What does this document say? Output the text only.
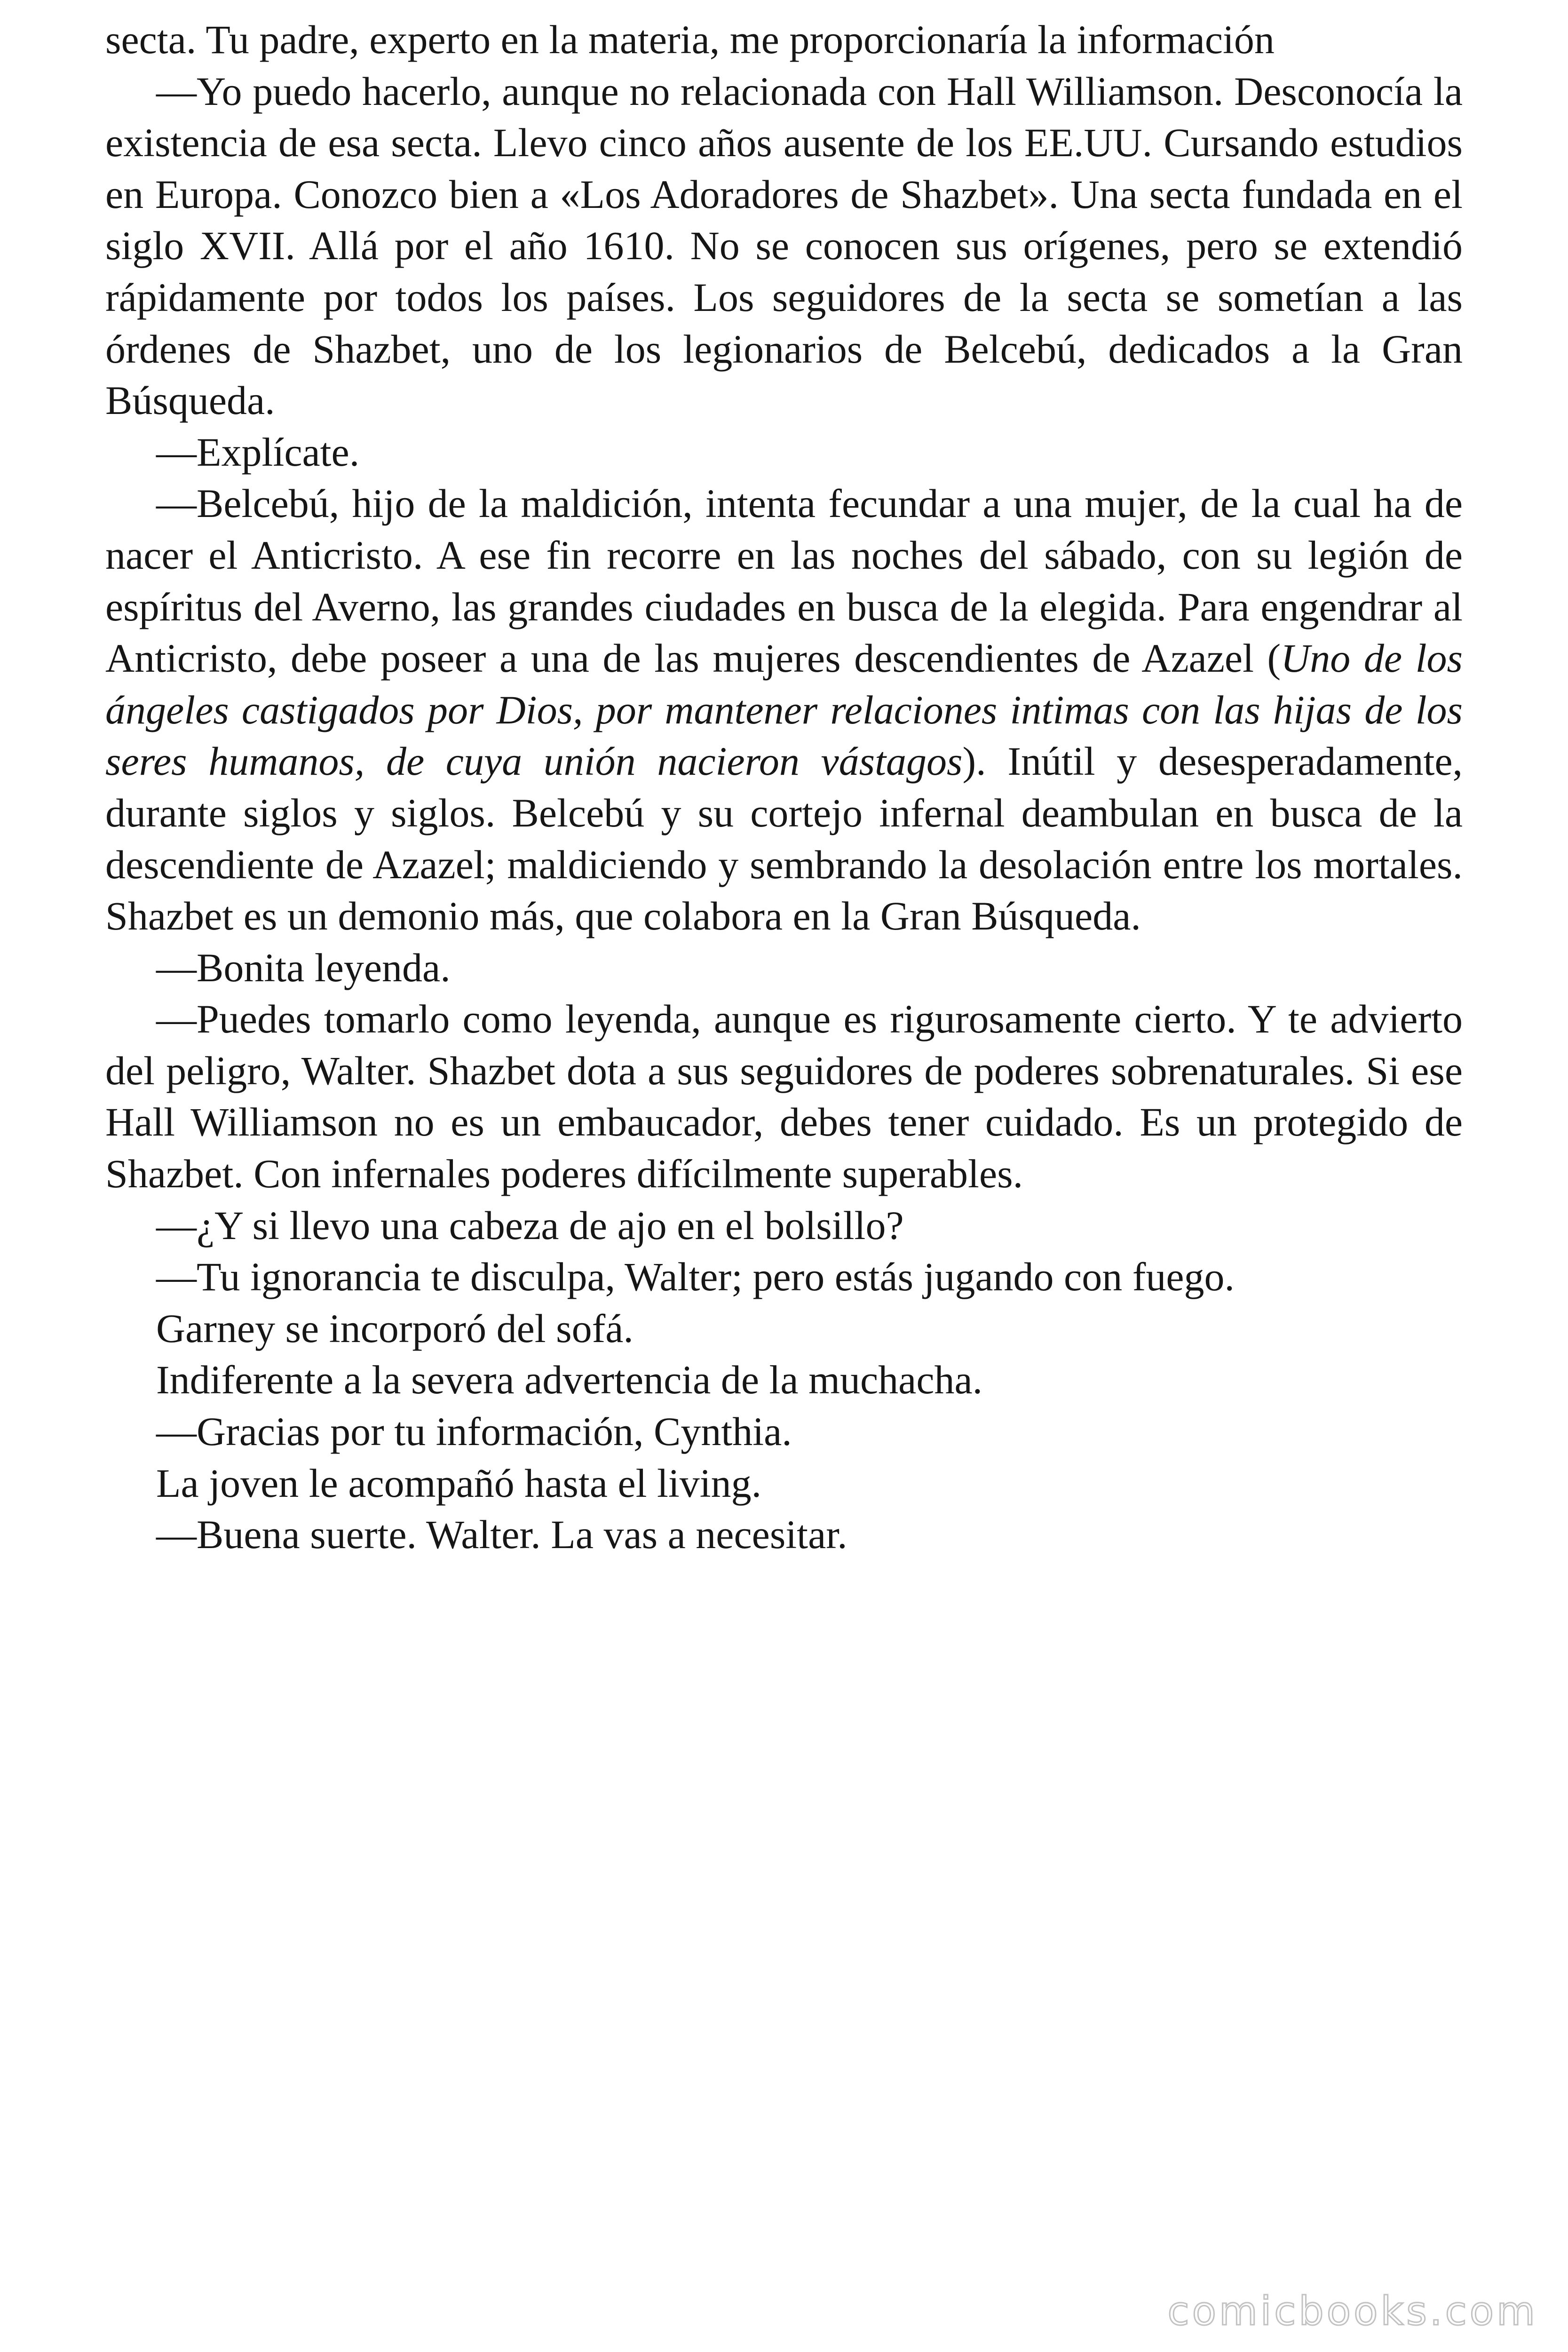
secta. Tu padre, experto en la materia, me proporcionaría la información

—Yo puedo hacerlo, aunque no relacionada con Hall Williamson. Desconocía la existencia de esa secta. Llevo cinco años ausente de los EE.UU. Cursando estudios en Europa. Conozco bien a «Los Adoradores de Shazbet». Una secta fundada en el siglo XVII. Allá por el año 1610. No se conocen sus orígenes, pero se extendió rápidamente por todos los países. Los seguidores de la secta se sometían a las órdenes de Shazbet, uno de los legionarios de Belcebú, dedicados a la Gran Búsqueda.

—Explícate.

—Belcebú, hijo de la maldición, intenta fecundar a una mujer, de la cual ha de nacer el Anticristo. A ese fin recorre en las noches del sábado, con su legión de espíritus del Averno, las grandes ciudades en busca de la elegida. Para engendrar al Anticristo, debe poseer a una de las mujeres descendientes de Azazel (Uno de los ángeles castigados por Dios, por mantener relaciones intimas con las hijas de los seres humanos, de cuya unión nacieron vástagos). Inútil y desesperadamente, durante siglos y siglos. Belcebú y su cortejo infernal deambulan en busca de la descendiente de Azazel; maldiciendo y sembrando la desolación entre los mortales. Shazbet es un demonio más, que colabora en la Gran Búsqueda.

—Bonita leyenda.

—Puedes tomarlo como leyenda, aunque es rigurosamente cierto. Y te advierto del peligro, Walter. Shazbet dota a sus seguidores de poderes sobrenaturales. Si ese Hall Williamson no es un embaucador, debes tener cuidado. Es un protegido de Shazbet. Con infernales poderes difícilmente superables.

—¿Y si llevo una cabeza de ajo en el bolsillo?

—Tu ignorancia te disculpa, Walter; pero estás jugando con fuego.

Garney se incorporó del sofá.

Indiferente a la severa advertencia de la muchacha.

—Gracias por tu información, Cynthia.

La joven le acompañó hasta el living.

—Buena suerte. Walter. La vas a necesitar.

comicbooks.com
